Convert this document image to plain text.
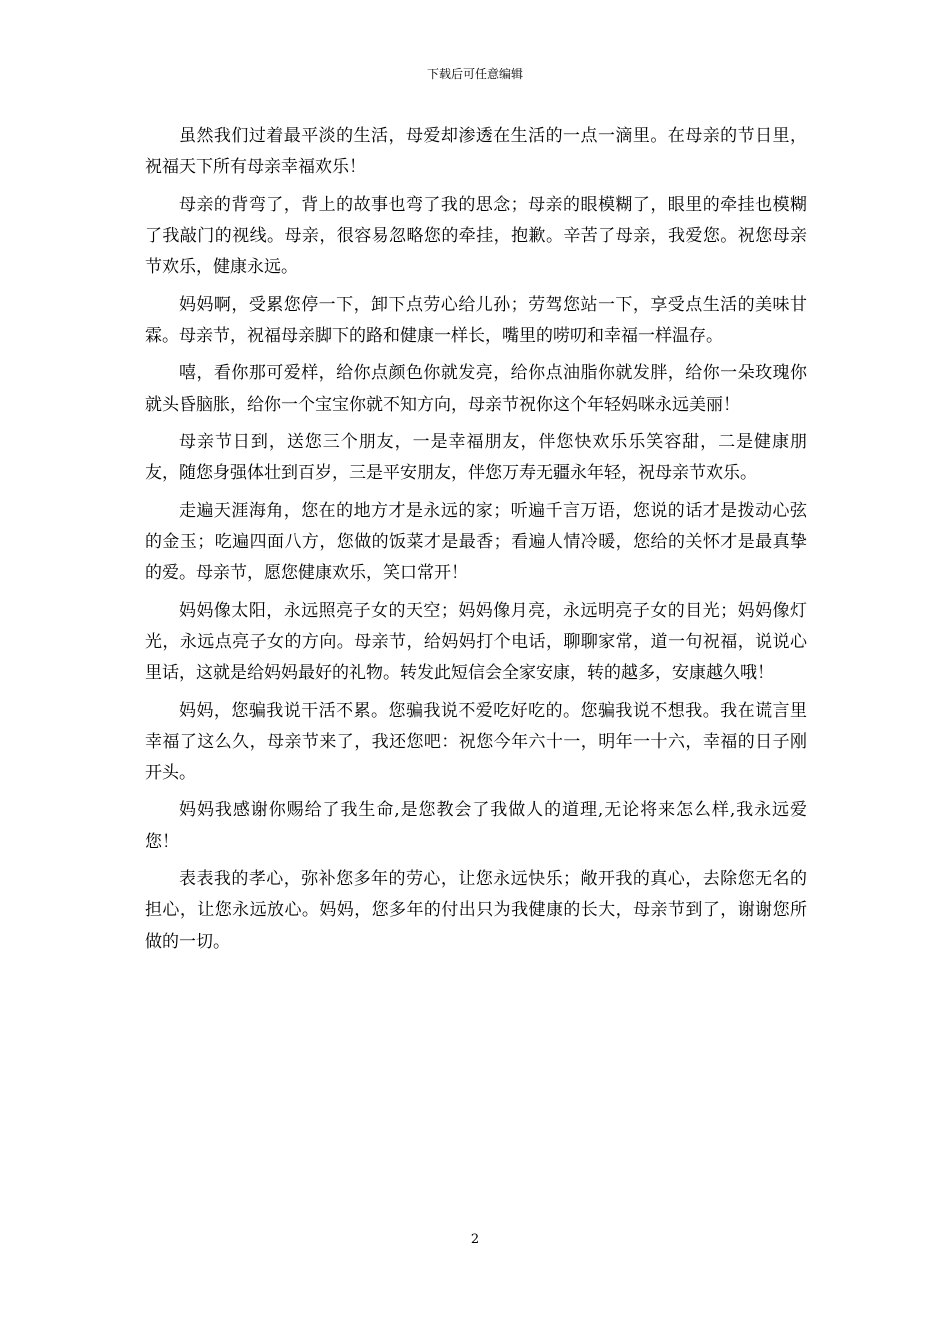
下载后可任意编辑

虽然我们过着最平淡的生活，母爱却渗透在生活的一点一滴里。在母亲的节日里，祝福天下所有母亲幸福欢乐！

母亲的背弯了，背上的故事也弯了我的思念；母亲的眼模糊了，眼里的牵挂也模糊了我敲门的视线。母亲，很容易忽略您的牵挂，抱歉。辛苦了母亲，我爱您。祝您母亲节欢乐，健康永远。

妈妈啊，受累您停一下，卸下点劳心给儿孙；劳驾您站一下，享受点生活的美味甘霖。母亲节，祝福母亲脚下的路和健康一样长，嘴里的唠叨和幸福一样温存。

嘻，看你那可爱样，给你点颜色你就发亮，给你点油脂你就发胖，给你一朵玫瑰你就头昏脑胀，给你一个宝宝你就不知方向，母亲节祝你这个年轻妈咪永远美丽！

母亲节日到，送您三个朋友，一是幸福朋友，伴您快欢乐乐笑容甜，二是健康朋友，随您身强体壮到百岁，三是平安朋友，伴您万寿无疆永年轻，祝母亲节欢乐。

走遍天涯海角，您在的地方才是永远的家；听遍千言万语，您说的话才是拨动心弦的金玉；吃遍四面八方，您做的饭菜才是最香；看遍人情冷暖，您给的关怀才是最真挚的爱。母亲节，愿您健康欢乐，笑口常开！

妈妈像太阳，永远照亮子女的天空；妈妈像月亮，永远明亮子女的目光；妈妈像灯光，永远点亮子女的方向。母亲节，给妈妈打个电话，聊聊家常，道一句祝福，说说心里话，这就是给妈妈最好的礼物。转发此短信会全家安康，转的越多，安康越久哦！

妈妈，您骗我说干活不累。您骗我说不爱吃好吃的。您骗我说不想我。我在谎言里幸福了这么久，母亲节来了，我还您吧：祝您今年六十一，明年一十六，幸福的日子刚开头。

妈妈我感谢你赐给了我生命,是您教会了我做人的道理,无论将来怎么样,我永远爱您！

表表我的孝心，弥补您多年的劳心，让您永远快乐；敞开我的真心，去除您无名的担心，让您永远放心。妈妈，您多年的付出只为我健康的长大，母亲节到了，谢谢您所做的一切。

2
